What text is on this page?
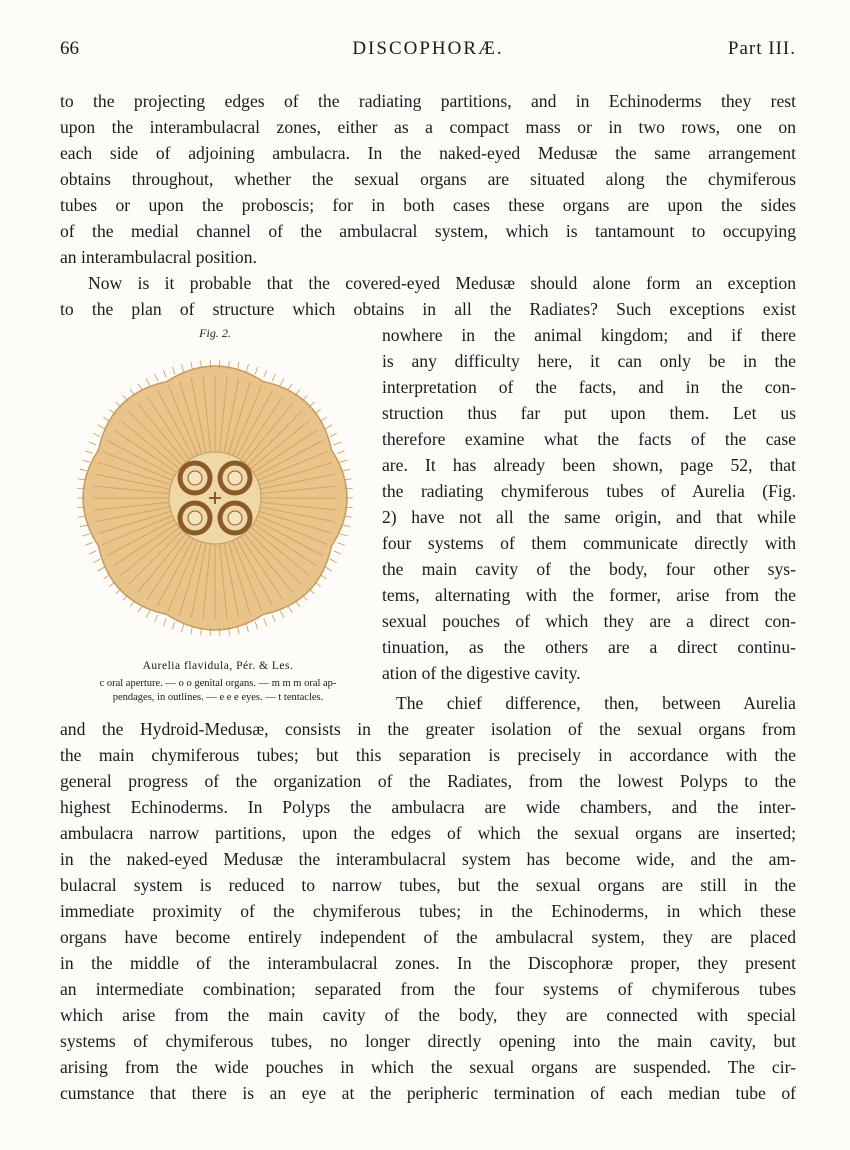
66	DISCOPHORÆ.	Part III.
to the projecting edges of the radiating partitions, and in Echinoderms they rest
upon the interambulacral zones, either as a compact mass or in two rows, one on
each side of adjoining ambulacra. In the naked-eyed Medusæ the same arrangement
obtains throughout, whether the sexual organs are situated along the chymiferous
tubes or upon the proboscis; for in both cases these organs are upon the sides
of the medial channel of the ambulacral system, which is tantamount to occupying
an interambulacral position.
Now is it probable that the covered-eyed Medusæ should alone form an exception
to the plan of structure which obtains in all the Radiates? Such exceptions exist
nowhere in the animal kingdom; and if there
is any difficulty here, it can only be in the
interpretation of the facts, and in the con-
struction thus far put upon them. Let us
therefore examine what the facts of the case
are. It has already been shown, page 52, that
the radiating chymiferous tubes of Aurelia (Fig.
2) have not all the same origin, and that while
four systems of them communicate directly with
the main cavity of the body, four other sys-
tems, alternating with the former, arise from the
sexual pouches of which they are a direct con-
tinuation, as the others are a direct continu-
ation of the digestive cavity.
The chief difference, then, between Aurelia
and the Hydroid-Medusæ, consists in the greater isolation of the sexual organs from
the main chymiferous tubes; but this separation is precisely in accordance with the
general progress of the organization of the Radiates, from the lowest Polyps to the
highest Echinoderms. In Polyps the ambulacra are wide chambers, and the inter-
ambulacra narrow partitions, upon the edges of which the sexual organs are inserted;
in the naked-eyed Medusæ the interambulacral system has become wide, and the am-
bulacral system is reduced to narrow tubes, but the sexual organs are still in the
immediate proximity of the chymiferous tubes; in the Echinoderms, in which these
organs have become entirely independent of the ambulacral system, they are placed
in the middle of the interambulacral zones. In the Discophoræ proper, they present
an intermediate combination; separated from the four systems of chymiferous tubes
which arise from the main cavity of the body, they are connected with special
systems of chymiferous tubes, no longer directly opening into the main cavity, but
arising from the wide pouches in which the sexual organs are suspended. The cir-
cumstance that there is an eye at the peripheric termination of each median tube of
Fig. 2.
Aurelia flavidula, Pér. & Les.
c oral aperture. — o o genital organs. — m m m oral ap-
pendages, in outlines. — e e e eyes. — t tentacles.
